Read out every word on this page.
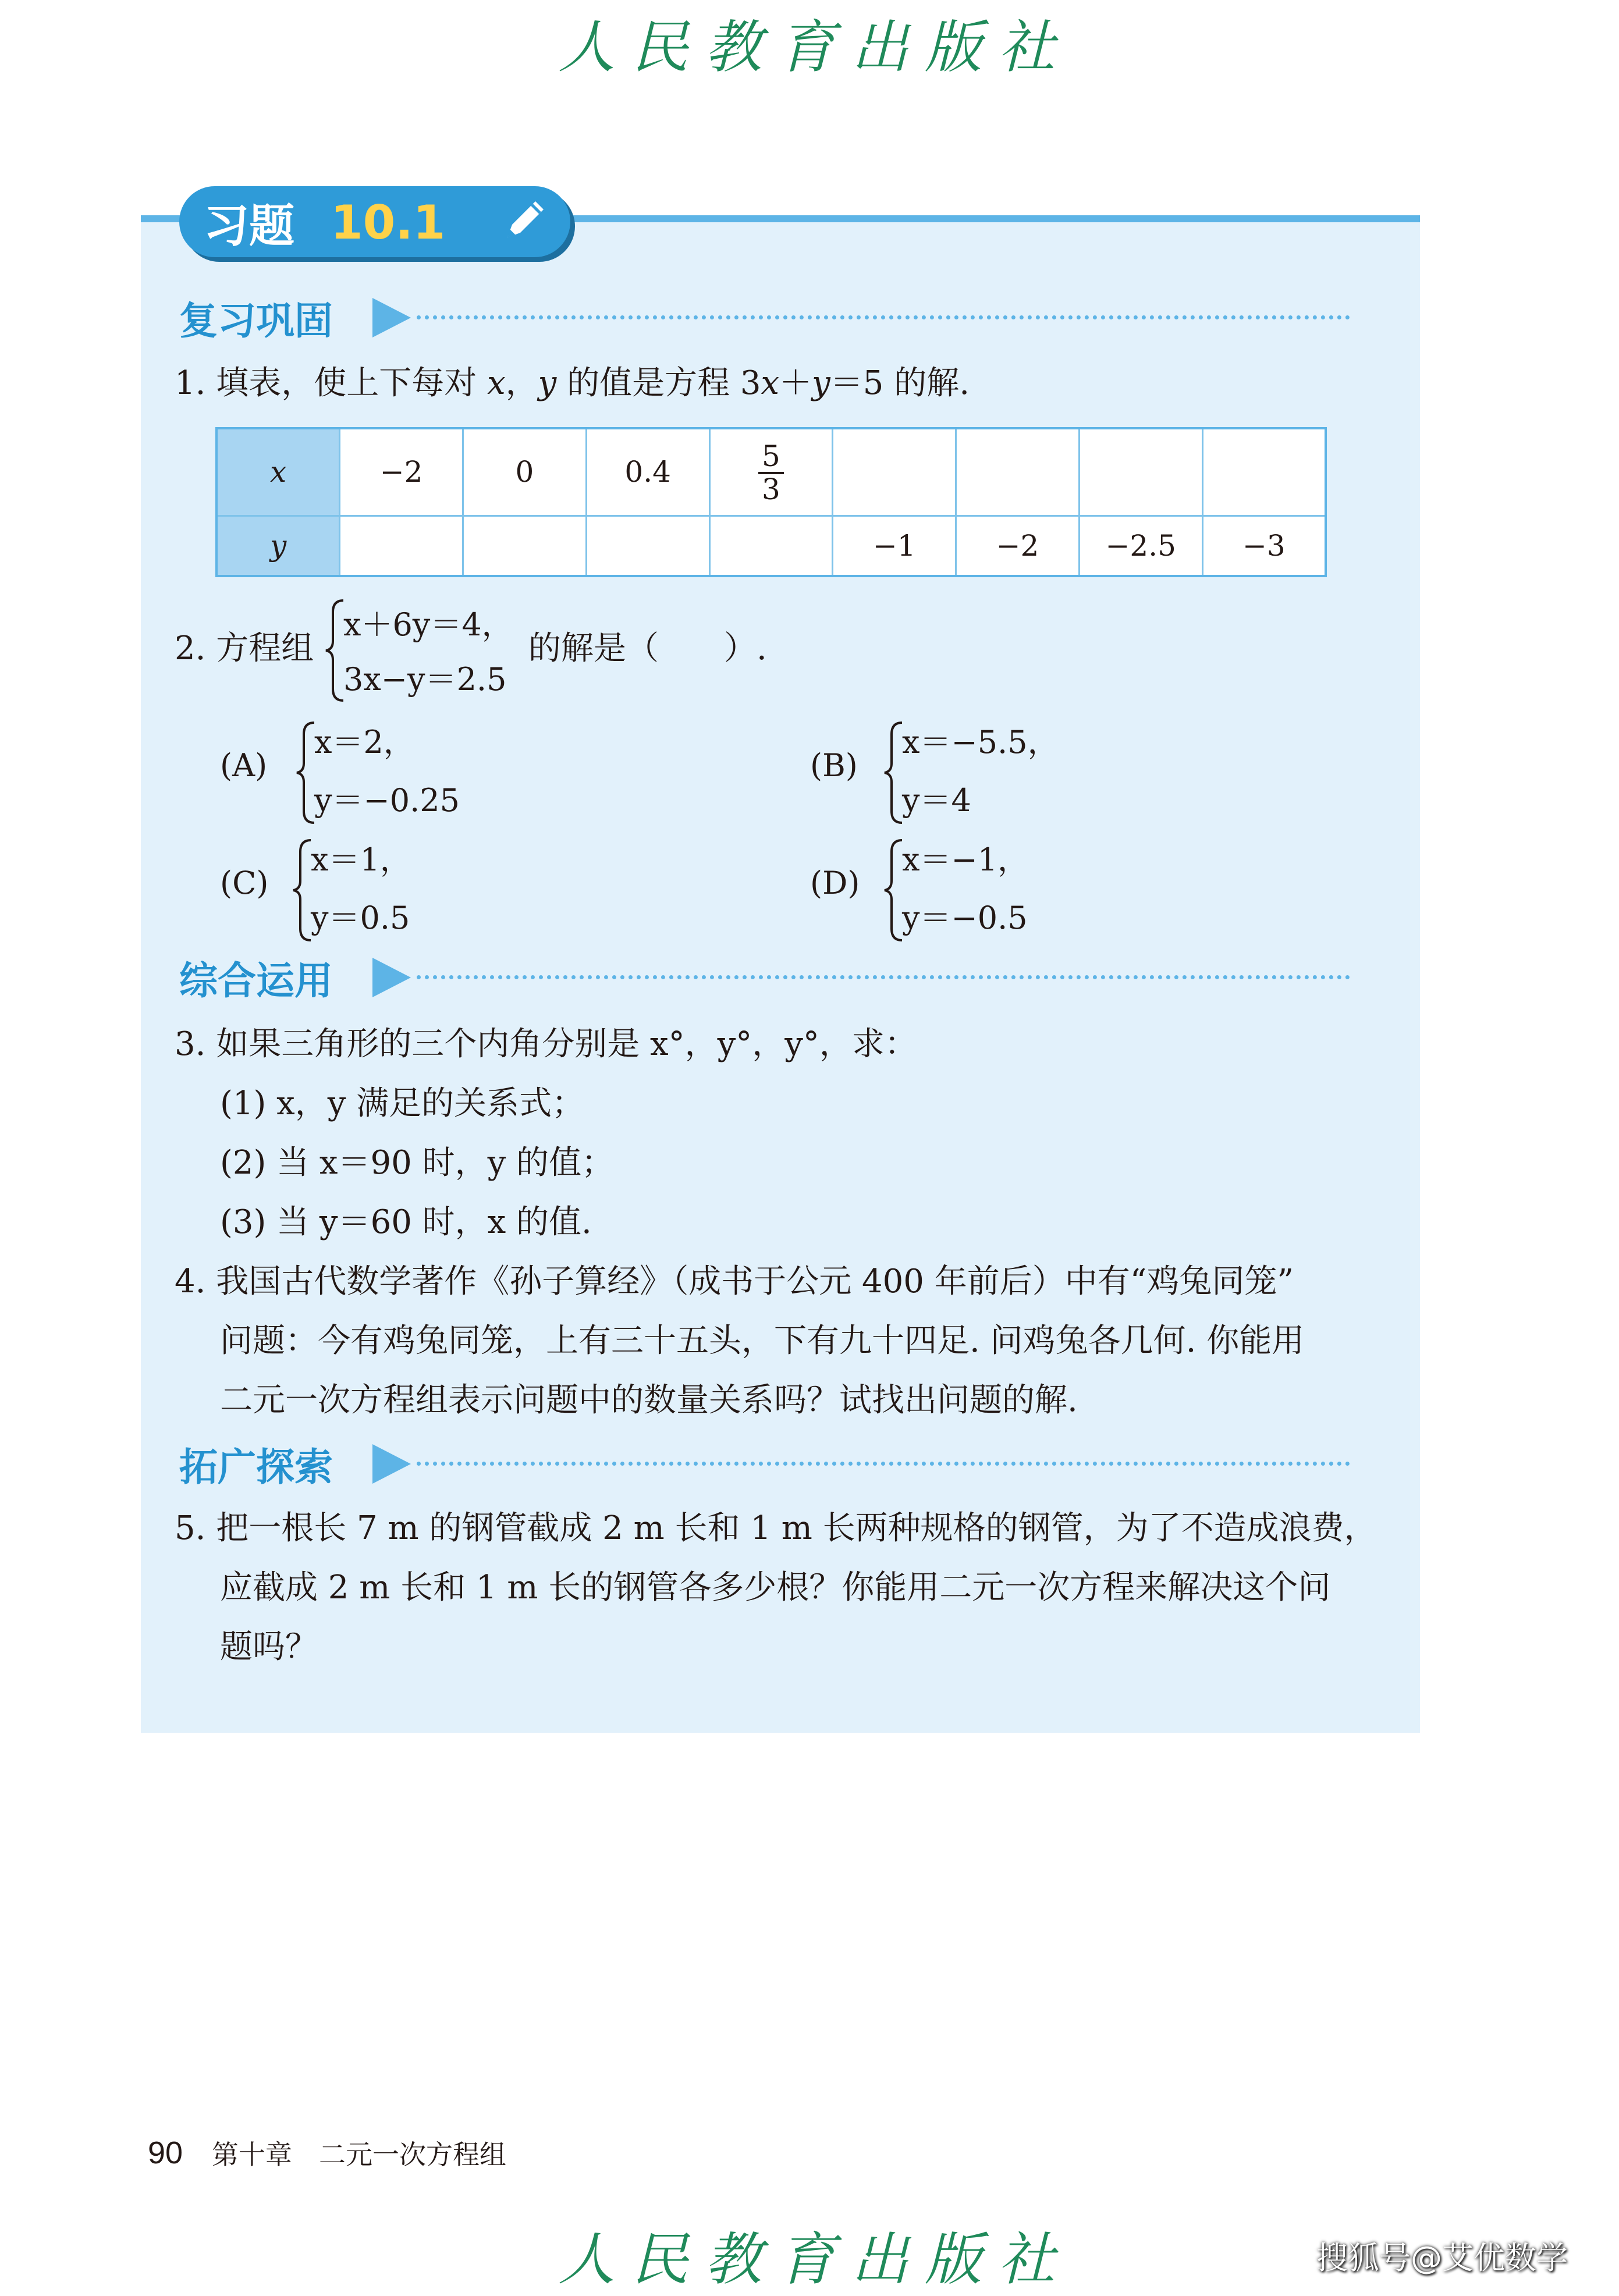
人民教育出版社
习题 10.1
复习巩固
1. 填表，使上下每对 x，y 的值是方程 3x＋y＝5 的解.
x	−2	0	0.4	$\frac{5}{3}$

y					−1	−2	−2.5	−3
2. 方程组
x＋6y＝4，
3x−y＝2.5
的解是（　　）.
(A)
x＝2，
y＝−0.25
(B)
x＝−5.5，
y＝4
(C)
x＝1，
y＝0.5
(D)
x＝−1，
y＝−0.5
综合运用
3. 如果三角形的三个内角分别是 x°，y°，y°，求：
(1) x，y 满足的关系式；
(2) 当 x＝90 时，y 的值；
(3) 当 y＝60 时，x 的值.
4. 我国古代数学著作《孙子算经》（成书于公元 400 年前后）中有“鸡兔同笼”
问题：今有鸡兔同笼，上有三十五头，下有九十四足. 问鸡兔各几何. 你能用
二元一次方程组表示问题中的数量关系吗？试找出问题的解.
拓广探索
5. 把一根长 7 m 的钢管截成 2 m 长和 1 m 长两种规格的钢管，为了不造成浪费，
应截成 2 m 长和 1 m 长的钢管各多少根？你能用二元一次方程来解决这个问
题吗？
90 第十章　二元一次方程组
人民教育出版社	搜狐号@艾优数学
